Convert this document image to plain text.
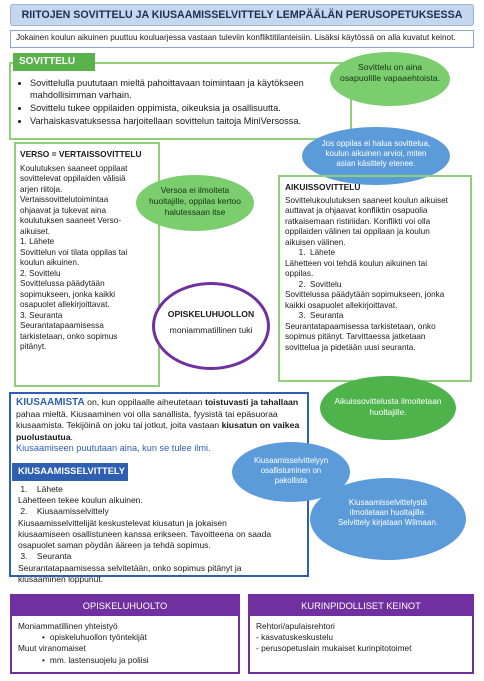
RIITOJEN SOVITTELU JA KIUSAAMISSELVITTELY LEMPÄÄLÄN PERUSOPETUKSESSA
Jokainen koulun aikuinen puuttuu kouluarjessa vastaan tuleviin konfliktitilanteisiin. Lisäksi käytössä on alla kuvatut keinot.
SOVITTELU
• Sovittelulla puututaan mieltä pahoittavaan toimintaan ja käytökseen mahdollisimman varhain.
• Sovittelu tukee oppilaiden oppimista, oikeuksia ja osallisuutta.
• Varhaiskasvatuksessa harjoitellaan sovittelun taitoja MiniVersossa.
Sovittelu on aina osapuolille vapaaehtoista.
Jos oppilas ei halua sovittelua, koulun aikuinen arvioi, miten asian käsittely etenee.
VERSO = VERTAISSOVITTELU
Koulutuksen saaneet oppilaat
sovittelevat oppilaiden välisiä
arjen riitoja.
Vertaissovittelutoimintaa
ohjaavat ja tukevat aina
koulutuksen saaneet Verso-
aikuiset.
1. Lähete
Sovittelun voi tilata oppilas tai
koulun aikuinen.
2. Sovittelu
Sovittelussa päädytään
sopimukseen, jonka kaikki
osapuolet allekirjoittavat.
3. Seuranta
Seurantatapaamisessa
tarkistetaan, onko sopimus
pitänyt.
Versoa ei ilmoiteta huoltajille, oppilas kertoo halutessaan itse
AIKUISSOVITTELU
Sovittelukoulutuksen saaneet koulun aikuiset
auttavat ja ohjaavat konfliktin osapuolia
ratkaisemaan ristiriidan. Konflikti voi olla
oppilaiden välinen tai oppilaan ja koulun
aikuisen välinen.
1.  Lähete
Lähetteen voi tehdä koulun aikuinen tai
oppilas.
2.  Sovittelu
Sovittelussa päädytään sopimukseen, jonka
kaikki osapuolet allekirjoittavat.
3.  Seuranta
Seurantatapaamisessa tarkistetaan, onko
sopimus pitänyt. Tarvittaessa jatketaan
sovittelua ja pidetään uusi seuranta.
OPISKELUHUOLLON
moniammatillinen tuki
Aikuissovittelusta ilmoitetaan huoltajille.
KIUSAAMISTA on, kun oppilaalle aiheutetaan toistuvasti ja tahallaan pahaa mieltä. Kiusaaminen voi olla sanallista, fyysistä tai epäsuoraa kiusaamista. Tekijöinä on joku tai jotkut, joita vastaan kiusatun on vaikea puolustautua.
Kiusaamiseen puututaan aina, kun se tulee ilmi.
Kiusaamisselvittelyyn osallistuminen on pakollista
Kiusaamisselvittelystä ilmoitetaan huoltajille. Selvittely kirjataan Wilmaan.
KIUSAAMISSELVITTELY
1.    Lähete
Lähetteen tekee koulun aikuinen.
2.    Kiusaamisselvittely
Kiusaamisselvittelijät keskustelevat kiusatun ja jokaisen
kiusaamiseen osallistuneen kanssa erikseen. Tavoitteena on saada
osapuolet saman pöydän ääreen ja tehdä sopimus.
3.    Seuranta
Seurantatapaamisessa selvitetään, onko sopimus pitänyt ja
kiusaaminen loppunut.
OPISKELUHUOLTO
Moniammatillinen yhteistyö
• opiskeluhuollon työntekijät
Muut viranomaiset
• mm. lastensuojelu ja poliisi
KURINPIDOLLISET KEINOT
Rehtori/apulaisrehtori
- kasvatuskeskustelu
- perusopetuslain mukaiset kurinpitotoimet
